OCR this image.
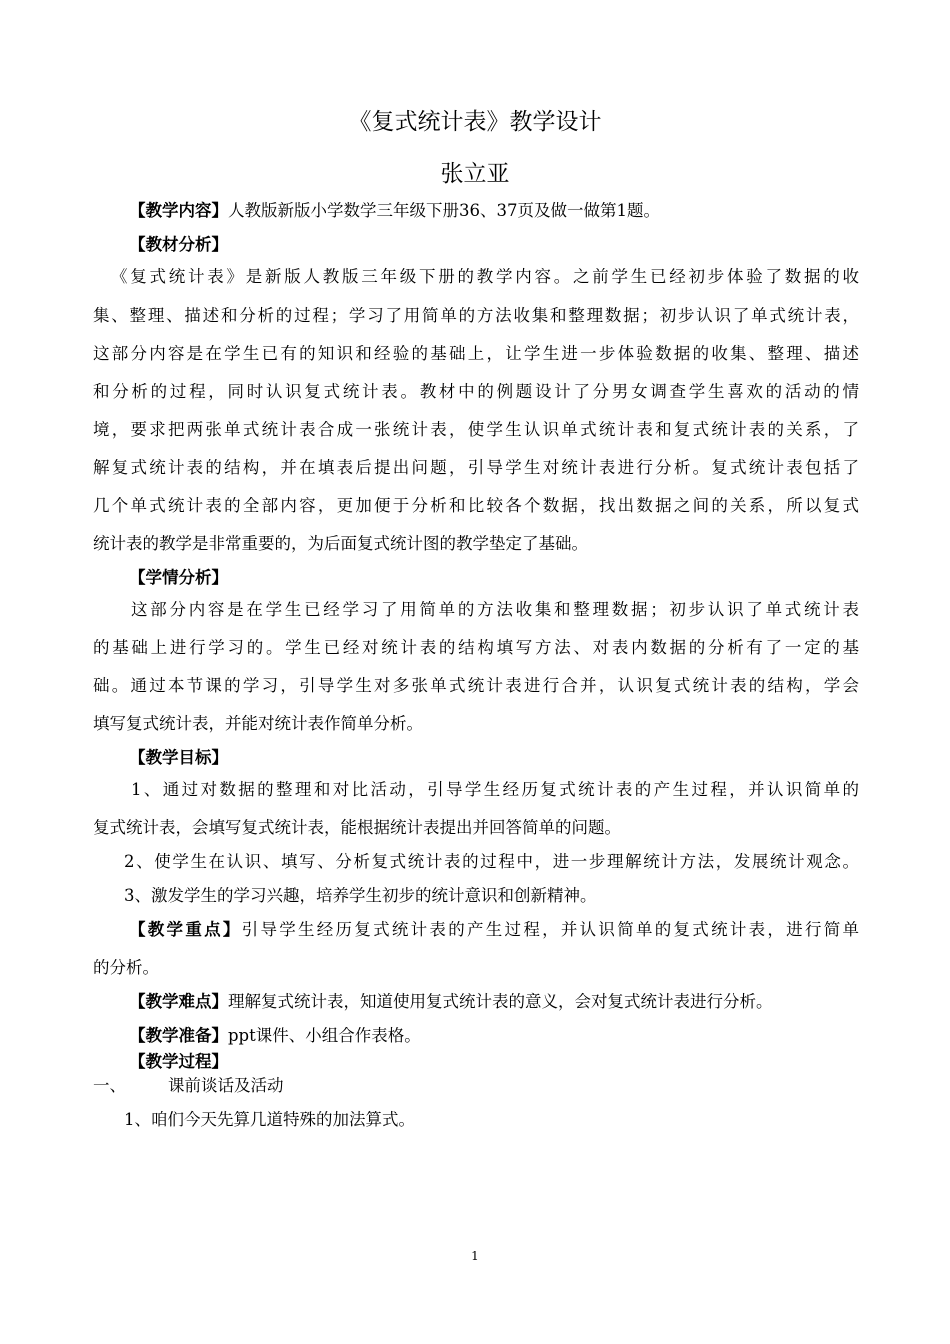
《复式统计表》教学设计
张立亚
【教学内容】人教版新版小学数学三年级下册36、37页及做一做第1题。
【教材分析】
《复式统计表》是新版人教版三年级下册的教学内容。之前学生已经初步体验了数据的收
集、整理、描述和分析的过程；学习了用简单的方法收集和整理数据；初步认识了单式统计表，
这部分内容是在学生已有的知识和经验的基础上，让学生进一步体验数据的收集、整理、描述
和分析的过程，同时认识复式统计表。教材中的例题设计了分男女调查学生喜欢的活动的情
境，要求把两张单式统计表合成一张统计表，使学生认识单式统计表和复式统计表的关系，了
解复式统计表的结构，并在填表后提出问题，引导学生对统计表进行分析。复式统计表包括了
几个单式统计表的全部内容，更加便于分析和比较各个数据，找出数据之间的关系，所以复式
统计表的教学是非常重要的，为后面复式统计图的教学垫定了基础。
【学情分析】
这部分内容是在学生已经学习了用简单的方法收集和整理数据；初步认识了单式统计表
的基础上进行学习的。学生已经对统计表的结构填写方法、对表内数据的分析有了一定的基
础。通过本节课的学习，引导学生对多张单式统计表进行合并，认识复式统计表的结构，学会
填写复式统计表，并能对统计表作简单分析。
【教学目标】
1、通过对数据的整理和对比活动，引导学生经历复式统计表的产生过程，并认识简单的
复式统计表，会填写复式统计表，能根据统计表提出并回答简单的问题。
2、使学生在认识、填写、分析复式统计表的过程中，进一步理解统计方法，发展统计观念。
3、激发学生的学习兴趣，培养学生初步的统计意识和创新精神。
【教学重点】引导学生经历复式统计表的产生过程，并认识简单的复式统计表，进行简单
的分析。
【教学难点】理解复式统计表，知道使用复式统计表的意义，会对复式统计表进行分析。
【教学准备】ppt课件、小组合作表格。
【教学过程】
一、	课前谈话及活动
1、咱们今天先算几道特殊的加法算式。
1
